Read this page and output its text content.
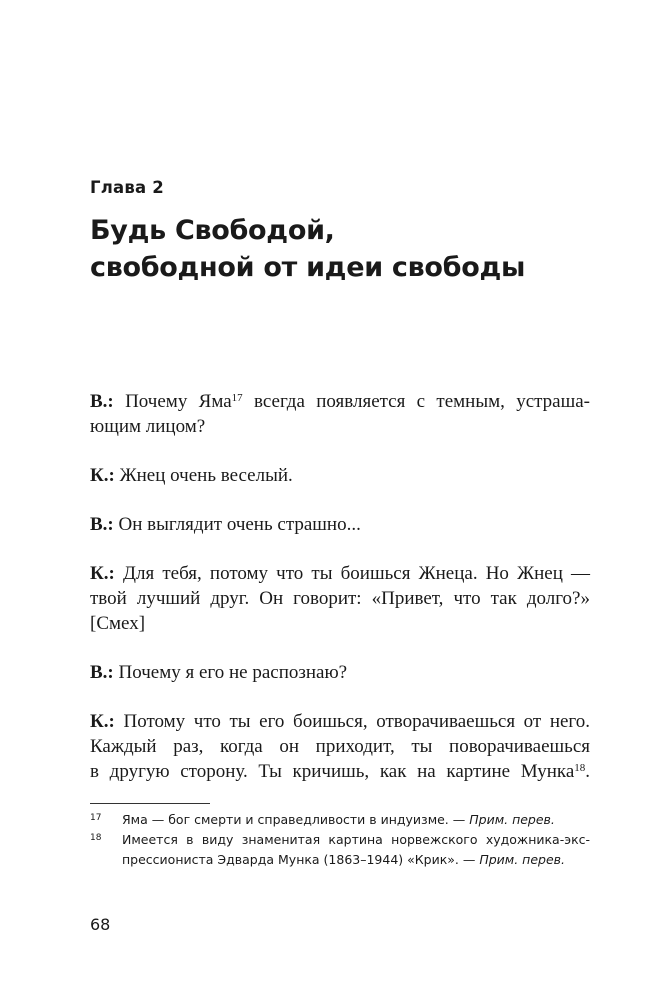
Глава 2
Будь Свободой,
свободной от идеи свободы

В.: Почему Яма$^{17}$ всегда появляется с темным, устраша-
ющим лицом?

К.: Жнец очень веселый.

В.: Он выглядит очень страшно...

К.: Для тебя, потому что ты боишься Жнеца. Но Жнец —
твой лучший друг. Он говорит: «Привет, что так долго?»
[Смех]

В.: Почему я его не распознаю?

К.: Потому что ты его боишься, отворачиваешься от него.
Каждый раз, когда он приходит, ты поворачиваешься
в другую сторону. Ты кричишь, как на картине Мунка$^{18}$.

17 Яма — бог смерти и справедливости в индуизме. — Прим. перев.
18 Имеется в виду знаменитая картина норвежского художника-экс-
прессиониста Эдварда Мунка (1863–1944) «Крик». — Прим. перев.
68
